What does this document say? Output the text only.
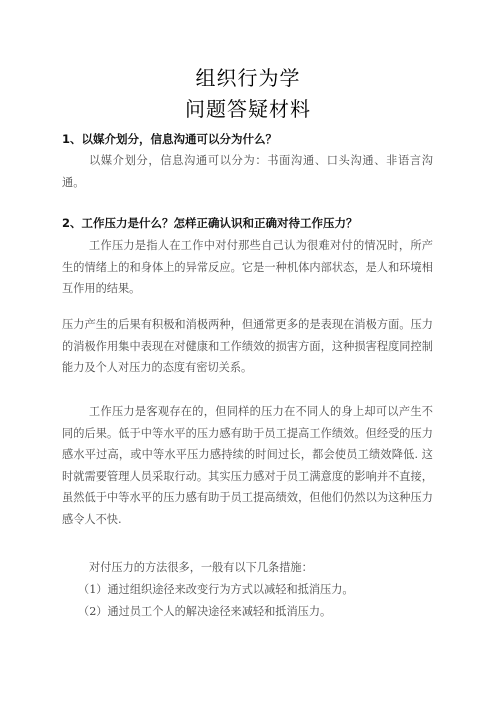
组织行为学
问题答疑材料
1、以媒介划分，信息沟通可以分为什么？
以媒介划分，信息沟通可以分为：书面沟通、口头沟通、非语言沟通。
2、工作压力是什么？怎样正确认识和正确对待工作压力？
工作压力是指人在工作中对付那些自己认为很难对付的情况时，所产生的情绪上的和身体上的异常反应。它是一种机体内部状态，是人和环境相互作用的结果。
压力产生的后果有积极和消极两种，但通常更多的是表现在消极方面。压力的消极作用集中表现在对健康和工作绩效的损害方面，这种损害程度同控制能力及个人对压力的态度有密切关系。
工作压力是客观存在的，但同样的压力在不同人的身上却可以产生不同的后果。低于中等水平的压力感有助于员工提高工作绩效。但经受的压力感水平过高，或中等水平压力感持续的时间过长，都会使员工绩效降低. 这时就需要管理人员采取行动。其实压力感对于员工满意度的影响并不直接，虽然低于中等水平的压力感有助于员工提高绩效，但他们仍然以为这种压力感令人不快.
对付压力的方法很多，一般有以下几条措施：
（1）通过组织途径来改变行为方式以减轻和抵消压力。
（2）通过员工个人的解决途径来减轻和抵消压力。
